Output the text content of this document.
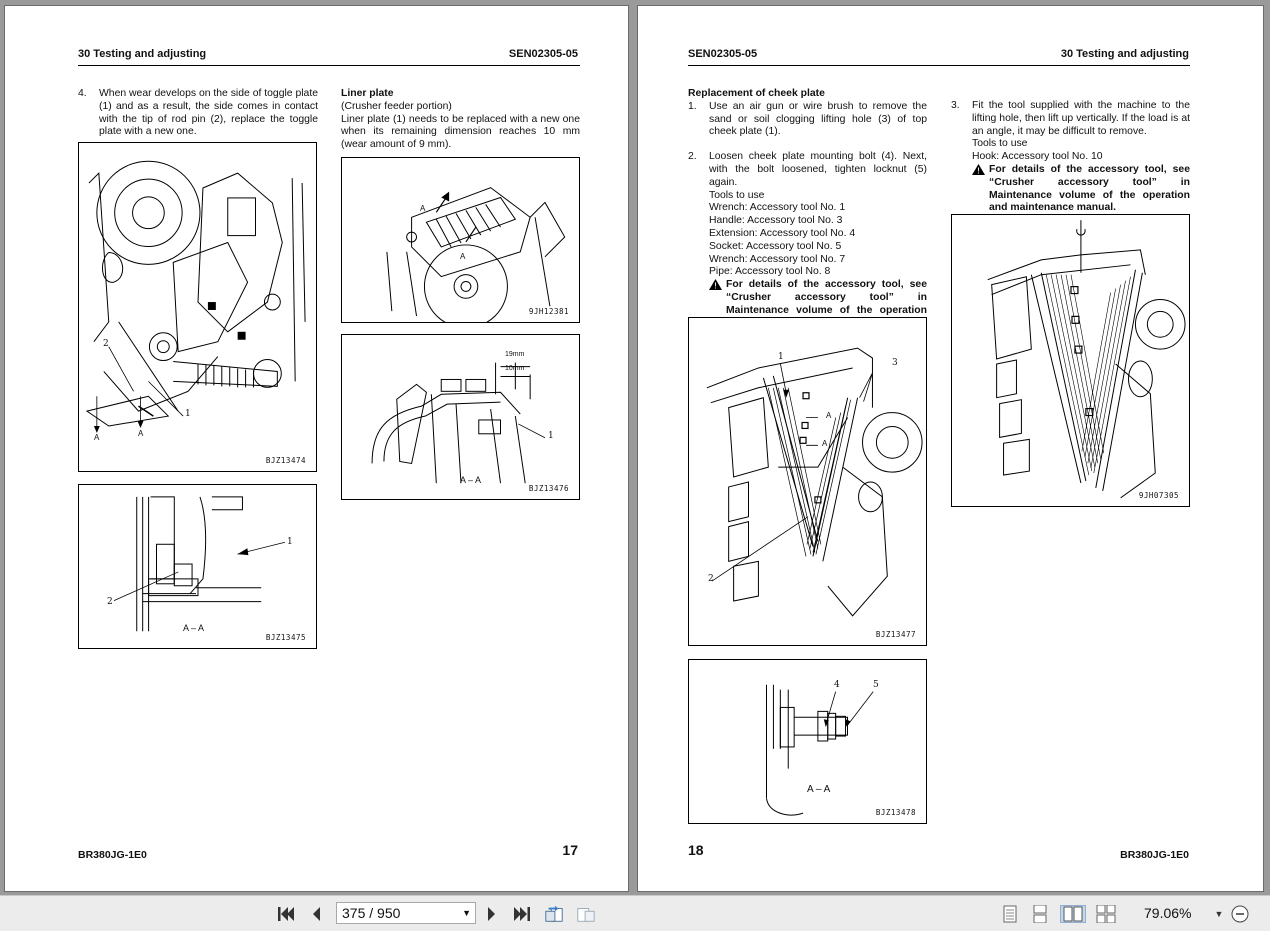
30 Testing and adjusting	SEN02305-05
4.	When wear develops on the side of toggle plate (1) and as a result, the side comes in contact with the tip of rod pin (2), replace the toggle plate with a new one.
Liner plate
(Crusher feeder portion)
Liner plate (1) needs to be replaced with a new one when its remaining dimension reaches 10 mm (wear amount of 9 mm).
1
2
A	A
BJZ13474
1
2
A – A
BJZ13475
A
A
9JH12381
1
19mm
10mm
A – A
BJZ13476
BR380JG-1E0	17
SEN02305-05	30 Testing and adjusting
Replacement of cheek plate
1.	Use an air gun or wire brush to remove the sand or soil clogging lifting hole (3) of top cheek plate (1).
2.	Loosen cheek plate mounting bolt (4). Next, with the bolt loosened, tighten locknut (5) again.
Tools to use
Wrench: Accessory tool No. 1
Handle: Accessory tool No. 3
Extension: Accessory tool No. 4
Socket: Accessory tool No. 5
Wrench: Accessory tool No. 7
Pipe: Accessory tool No. 8
For details of the accessory tool, see “Crusher accessory tool” in Maintenance volume of the operation
3.	Fit the tool supplied with the machine to the lifting hole, then lift up vertically. If the load is at an angle, it may be difficult to remove.
Tools to use
Hook: Accessory tool No. 10
For details of the accessory tool, see “Crusher accessory tool” in Maintenance volume of the operation and maintenance manual.
1
2
3
A
A
BJZ13477
4	5
A – A
BJZ13478
9JH07305
18	BR380JG-1E0
375 / 950	▼	79.06%	▼
